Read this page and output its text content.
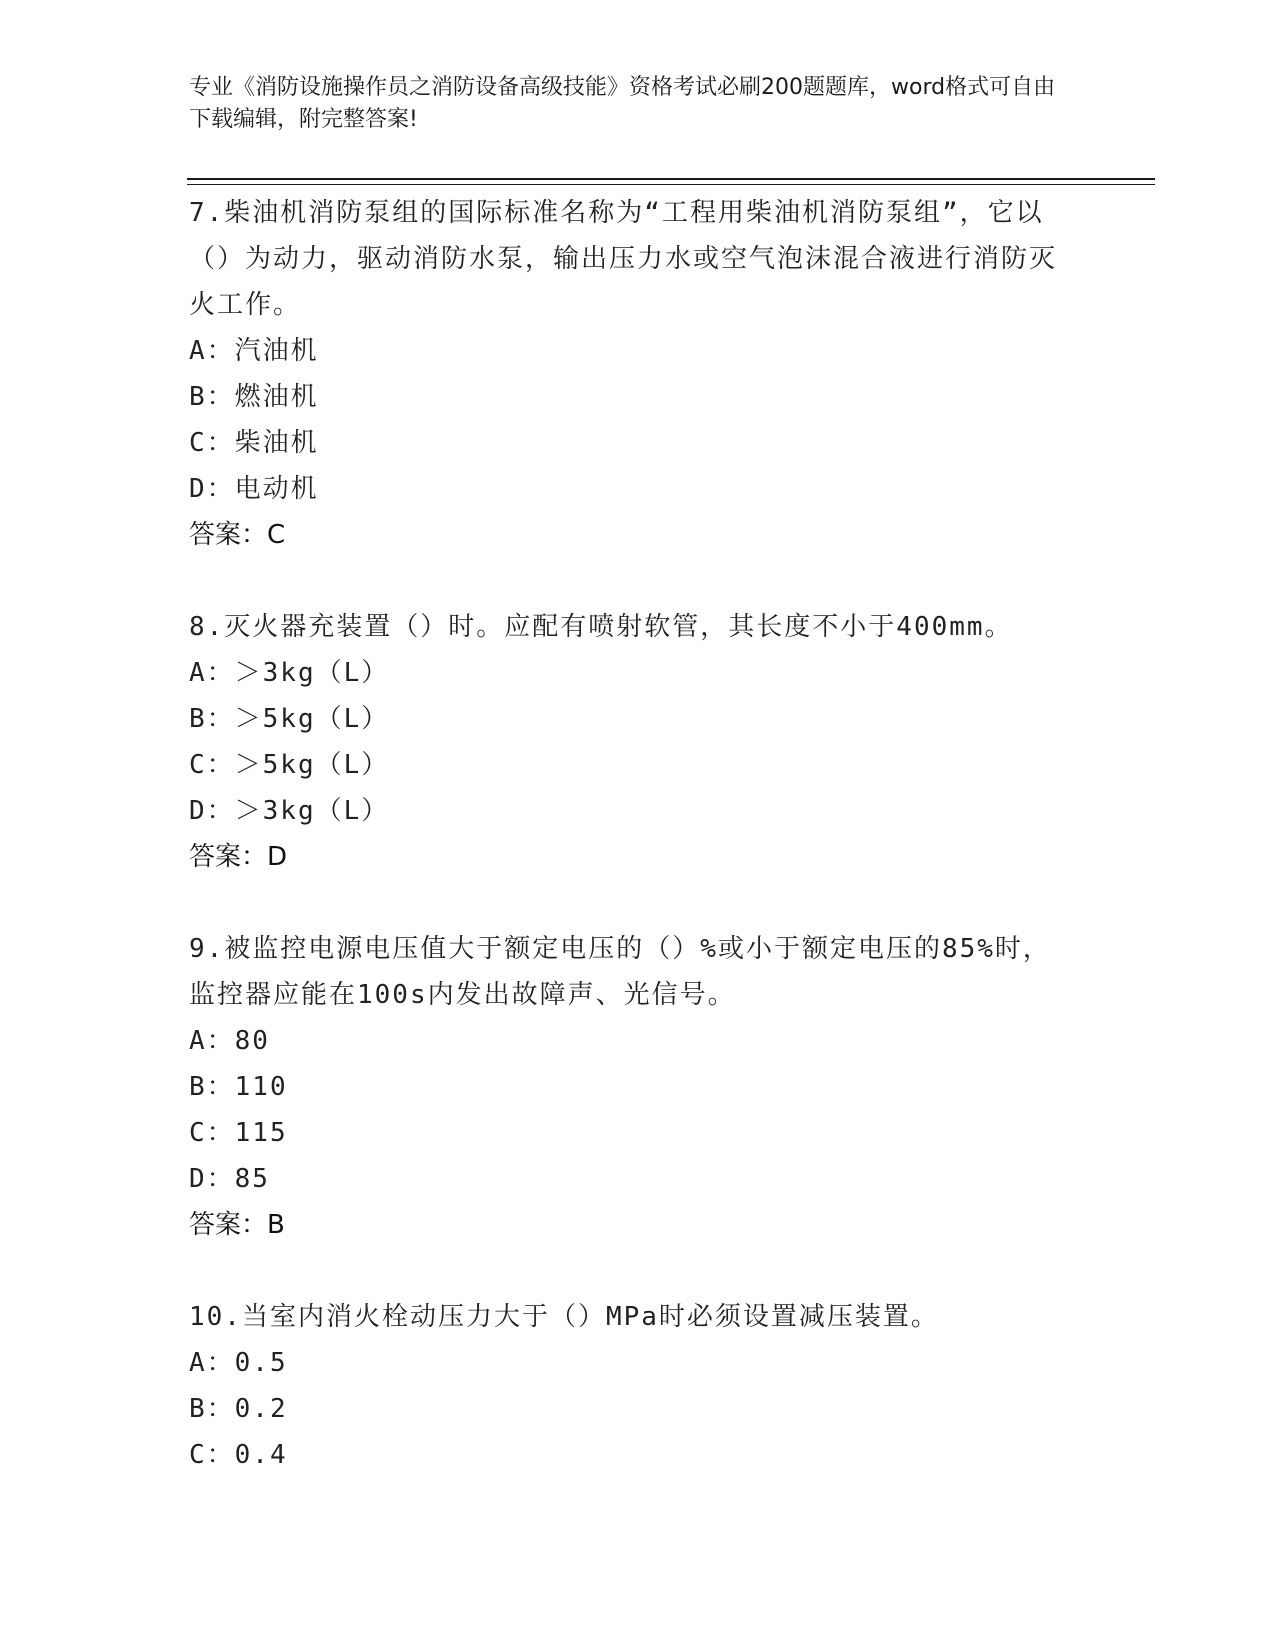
专业《消防设施操作员之消防设备高级技能》资格考试必刷200题题库，word格式可自由下载编辑，附完整答案!
7.柴油机消防泵组的国际标准名称为“工程用柴油机消防泵组”，它以（）为动力，驱动消防水泵，输出压力水或空气泡沫混合液进行消防灭火工作。
A：汽油机
B：燃油机
C：柴油机
D：电动机
答案：C
8.灭火器充装置（）时。应配有喷射软管，其长度不小于400mm。
A：＞3kg（L）
B：＞5kg（L）
C：＞5kg（L）
D：＞3kg（L）
答案：D
9.被监控电源电压值大于额定电压的（）%或小于额定电压的85%时，监控器应能在100s内发出故障声、光信号。
A：80
B：110
C：115
D：85
答案：B
10.当室内消火栓动压力大于（）MPa时必须设置减压装置。
A：0.5
B：0.2
C：0.4
